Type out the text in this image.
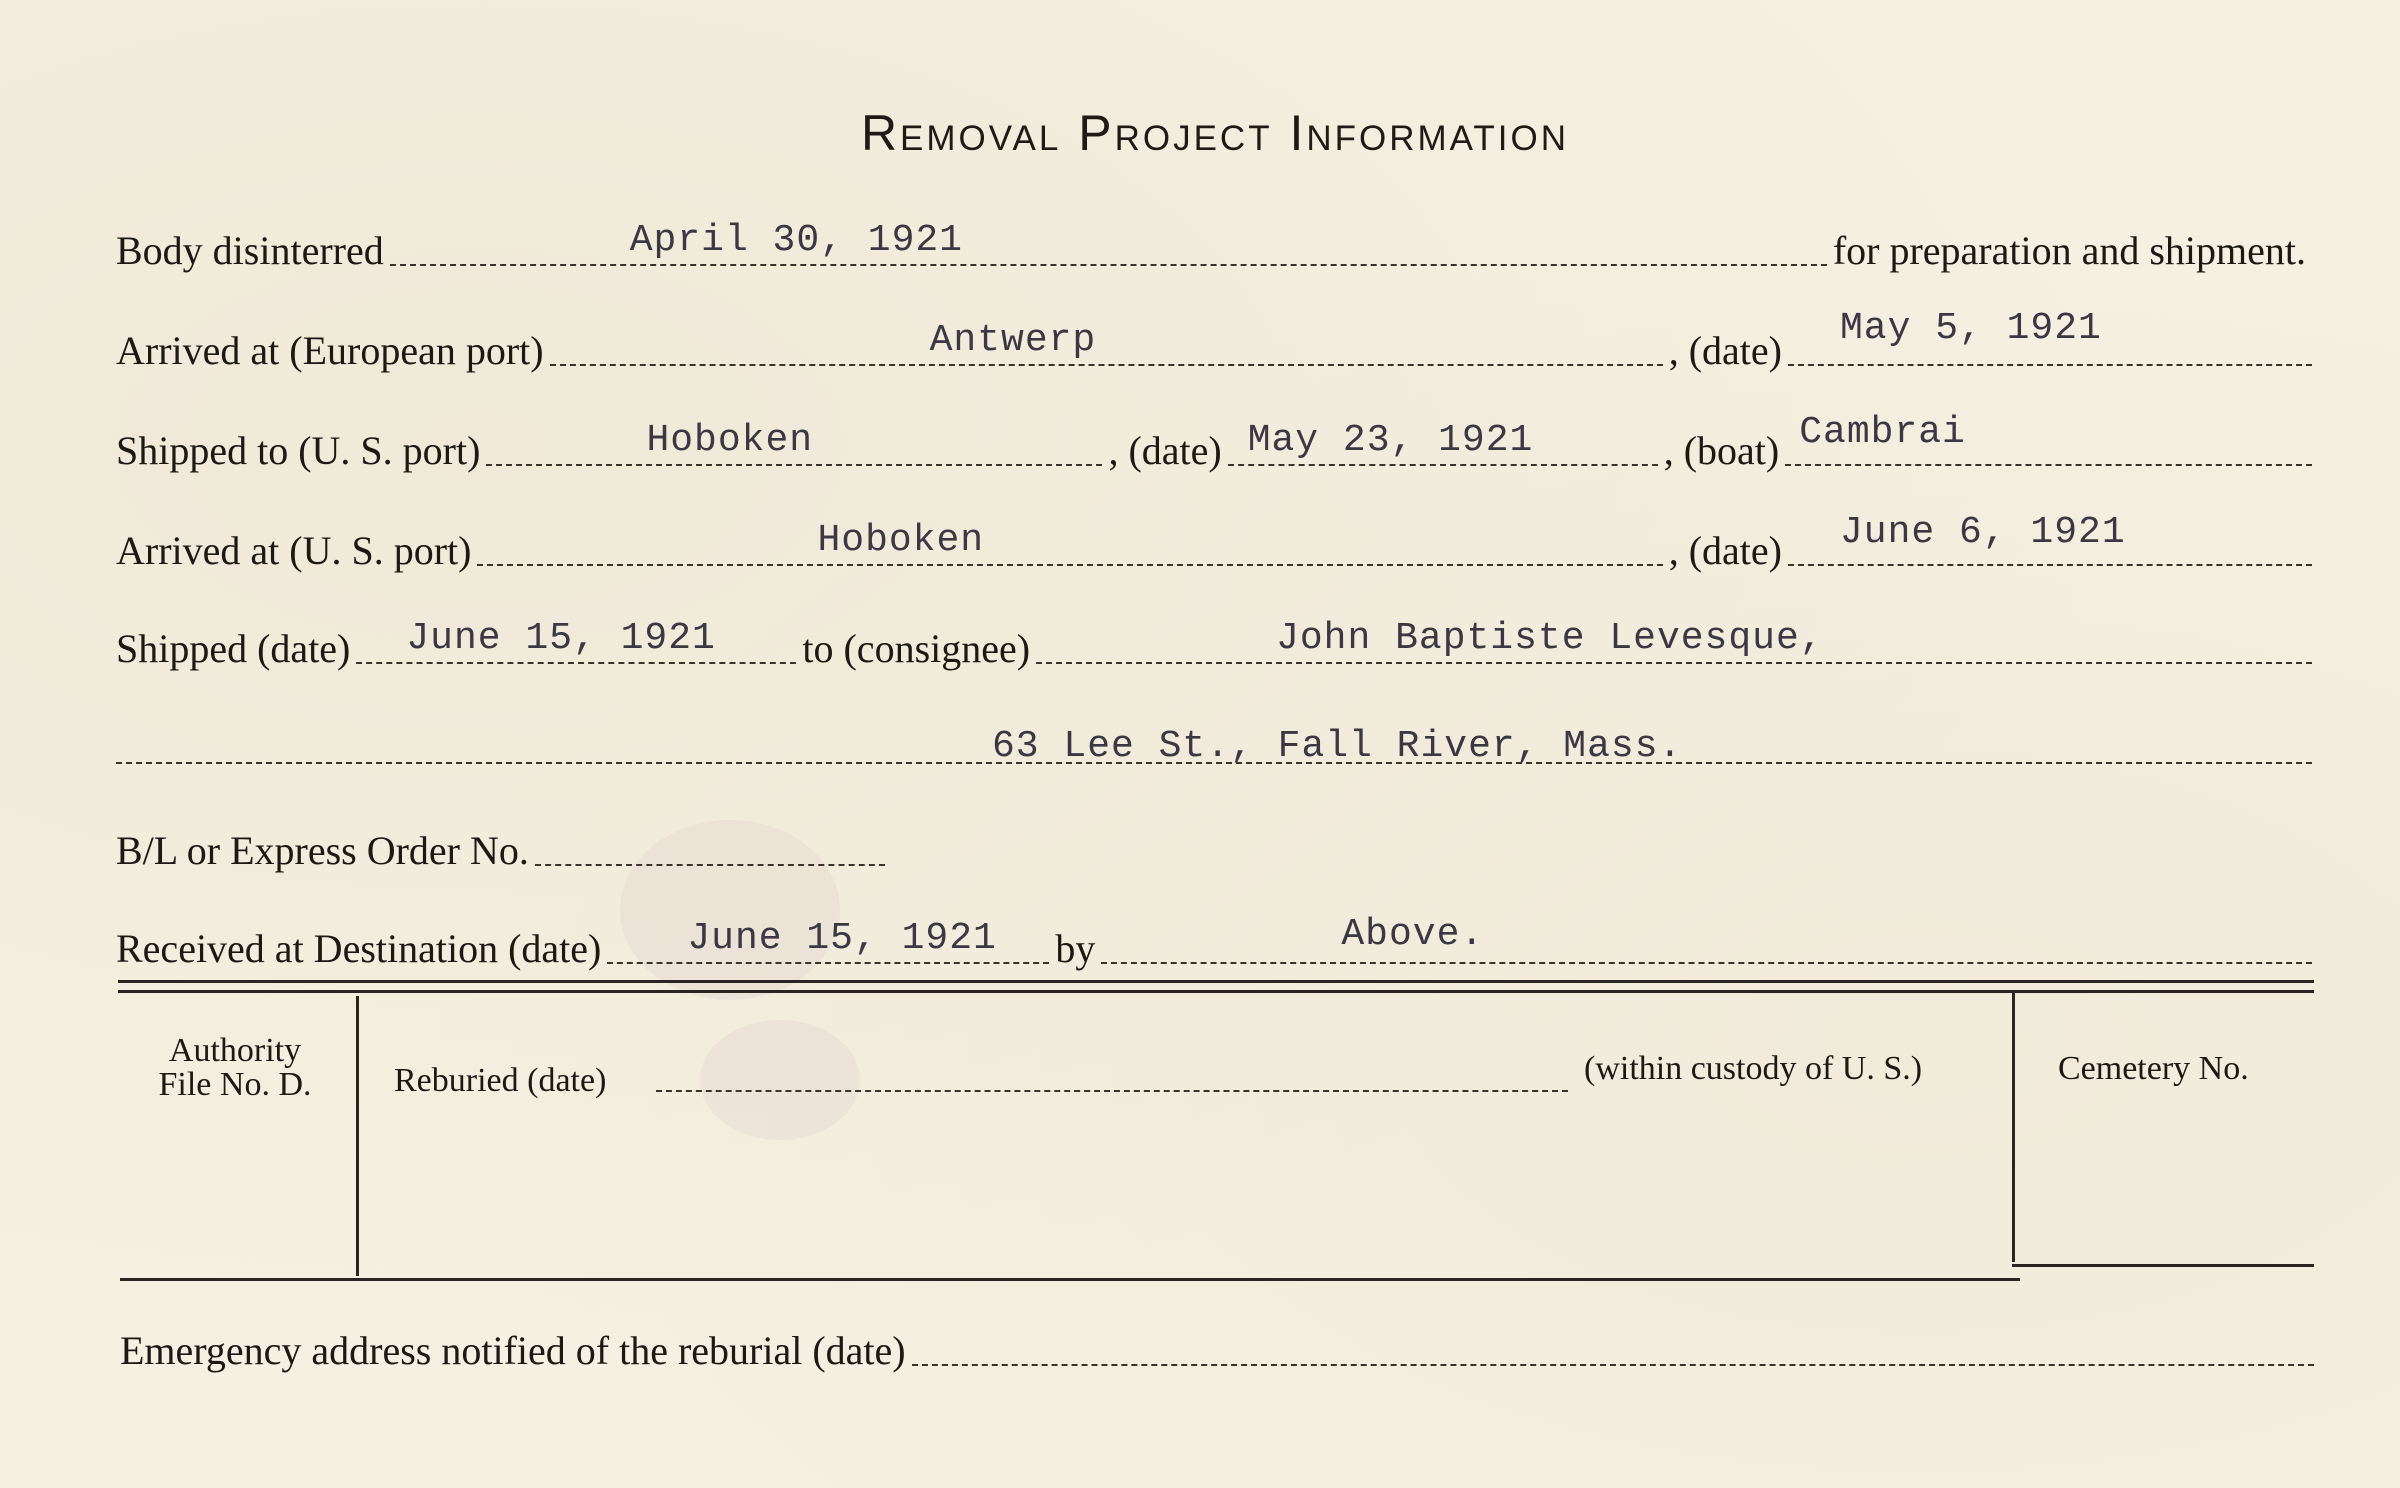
Removal Project Information
Body disinterred	April 30, 1921	for preparation and shipment.
Arrived at (European port)	Antwerp	, (date) May 5, 1921
Shipped to (U. S. port)	Hoboken	, (date) May 23, 1921	, (boat) Cambrai
Arrived at (U. S. port)	Hoboken	, (date) June 6, 1921
Shipped (date) June 15, 1921 to (consignee)	John Baptiste Levesque,
63 Lee St., Fall River, Mass.
B/L or Express Order No.
Received at Destination (date) June 15, 1921 by	Above.
Authority
File No. D.	Reburied (date)	(within custody of U. S.)	Cemetery No.
Emergency address notified of the reburial (date)
